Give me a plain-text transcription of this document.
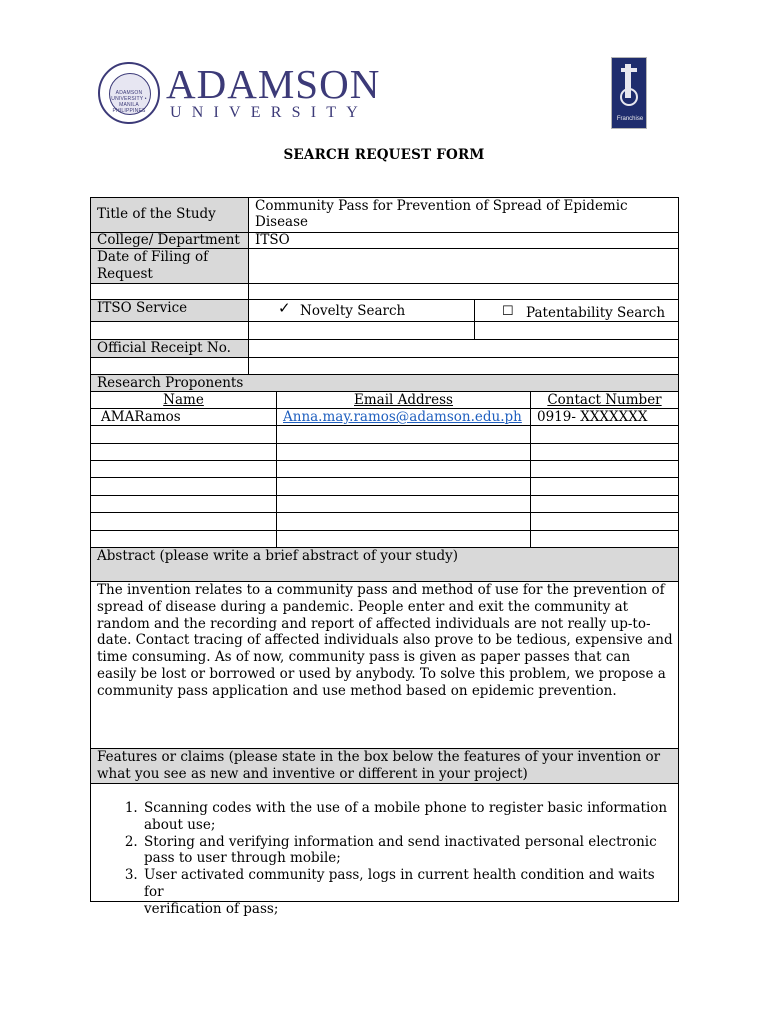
ADAMSON UNIVERSITY • MANILA PHILIPPINES
ADAMSON
UNIVERSITY	Franchise
SEARCH REQUEST FORM
Title of the Study	Community Pass for Prevention of Spread of Epidemic
Disease
College/ Department ITSO
Date of Filing of
Request
ITSO Service	✓ Novelty Search	☐ Patentability Search
Official Receipt No.
Research Proponents
Name	Email Address	Contact Number
AMARamos	Anna.may.ramos@adamson.edu.ph 0919- XXXXXXX
Abstract (please write a brief abstract of your study)
The invention relates to a community pass and method of use for the prevention of
spread of disease during a pandemic. People enter and exit the community at
random and the recording and report of affected individuals are not really up-to-
date. Contact tracing of affected individuals also prove to be tedious, expensive and
time consuming. As of now, community pass is given as paper passes that can
easily be lost or borrowed or used by anybody. To solve this problem, we propose a
community pass application and use method based on epidemic prevention.
Features or claims (please state in the box below the features of your invention or
what you see as new and inventive or different in your project)
1. Scanning codes with the use of a mobile phone to register basic information
about use;
2. Storing and verifying information and send inactivated personal electronic
pass to user through mobile;
3. User activated community pass, logs in current health condition and waits for
verification of pass;
